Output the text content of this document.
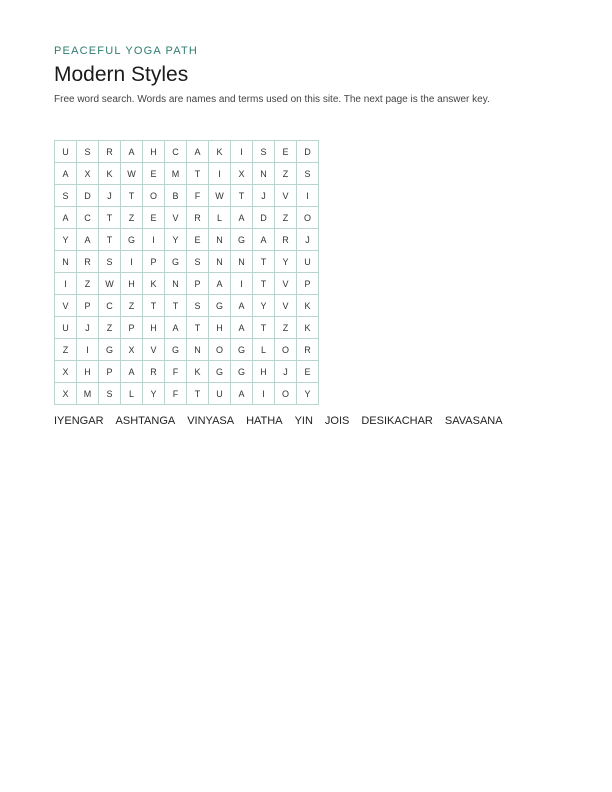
PEACEFUL YOGA PATH
Modern Styles
Free word search. Words are names and terms used on this site. The next page is the answer key.
U	S	R	A	H	C	A	K	I	S	E	D
A	X	K	W	E	M	T	I	X	N	Z	S
S	D	J	T	O	B	F	W	T	J	V	I
A	C	T	Z	E	V	R	L	A	D	Z	O
Y	A	T	G	I	Y	E	N	G	A	R	J
N	R	S	I	P	G	S	N	N	T	Y	U
I	Z	W	H	K	N	P	A	I	T	V	P
V	P	C	Z	T	T	S	G	A	Y	V	K
U	J	Z	P	H	A	T	H	A	T	Z	K
Z	I	G	X	V	G	N	O	G	L	O	R
X	H	P	A	R	F	K	G	G	H	J	E
X	M	S	L	Y	F	T	U	A	I	O	Y
IYENGAR ASHTANGA VINYASA HATHA YIN JOIS DESIKACHAR SAVASANA
